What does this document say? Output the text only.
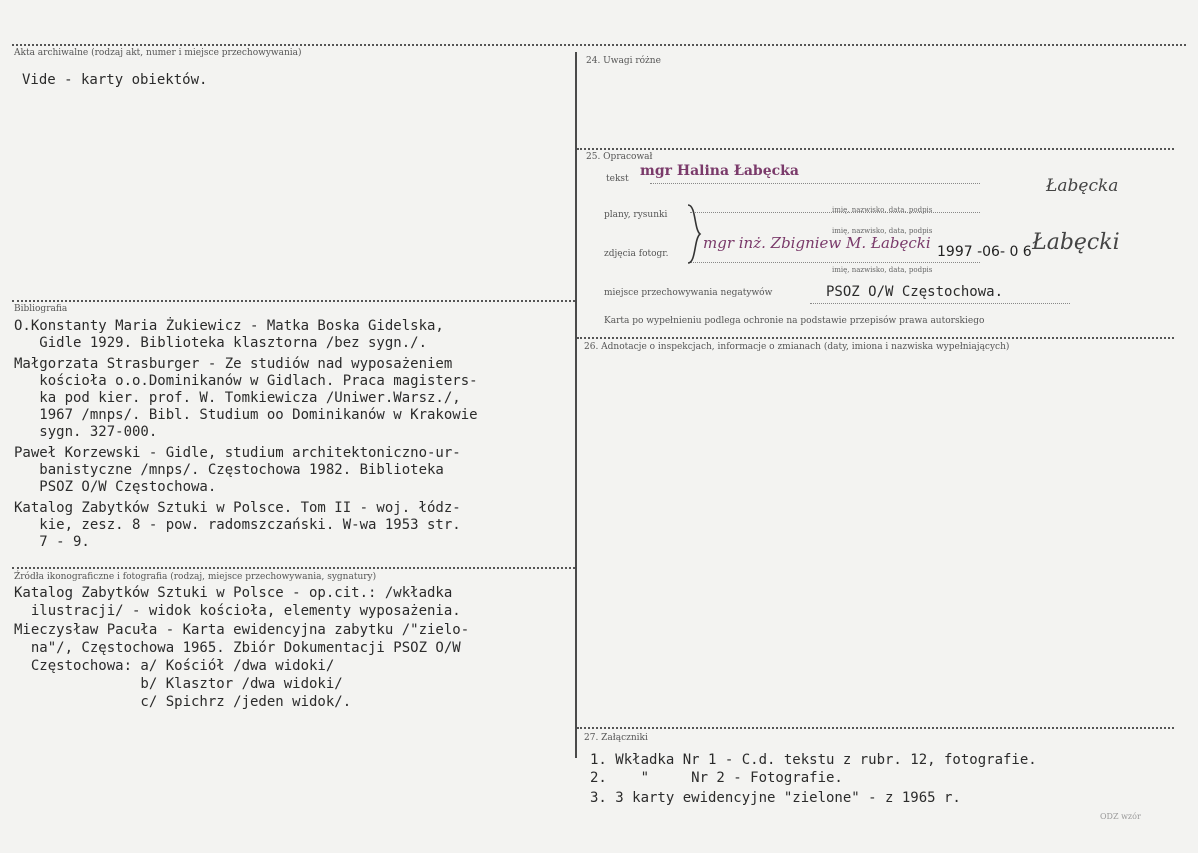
Akta archiwalne (rodzaj akt, numer i miejsce przechowywania)
Vide - karty obiektów.
Bibliografia
O.Konstanty Maria Żukiewicz - Matka Boska Gidelska,
Gidle 1929. Biblioteka klasztorna /bez sygn./.
Małgorzata Strasburger - Ze studiów nad wyposażeniem
kościoła o.o.Dominikanów w Gidlach. Praca magisters-
ka pod kier. prof. W. Tomkiewicza /Uniwer.Warsz./,
1967 /mnps/. Bibl. Studium oo Dominikanów w Krakowie
sygn. 327-000.
Paweł Korzewski - Gidle, studium architektoniczno-ur-
banistyczne /mnps/. Częstochowa 1982. Biblioteka
PSOZ O/W Częstochowa.
Katalog Zabytków Sztuki w Polsce. Tom II - woj. łódz-
kie, zesz. 8 - pow. radomszczański. W-wa 1953 str.
7 - 9.
Źródła ikonograficzne i fotografia (rodzaj, miejsce przechowywania, sygnatury)
Katalog Zabytków Sztuki w Polsce - op.cit.: /wkładka
ilustracji/ - widok kościoła, elementy wyposażenia.
Mieczysław Pacuła - Karta ewidencyjna zabytku /"zielo-
na"/, Częstochowa 1965. Zbiór Dokumentacji PSOZ O/W
Częstochowa: a/ Kościół /dwa widoki/
b/ Klasztor /dwa widoki/
c/ Spichrz /jeden widok/.
24. Uwagi różne
25. Opracował
tekst mgr Halina Łabęcka
Łabęcka
imię, nazwisko, data, podpis
plany, rysunki
imię, nazwisko, data, podpis
zdjęcia fotogr.
mgr inż. Zbigniew M. Łabęcki 1997 -06- 0 6 Łabęcki
imię, nazwisko, data, podpis
miejsce przechowywania negatywów	PSOZ O/W Częstochowa.
Karta po wypełnieniu podlega ochronie na podstawie przepisów prawa autorskiego
26. Adnotacje o inspekcjach, informacje o zmianach (daty, imiona i nazwiska wypełniających)
27. Załączniki
1. Wkładka Nr 1 - C.d. tekstu z rubr. 12, fotografie.
2.    "     Nr 2 - Fotografie.
3. 3 karty ewidencyjne "zielone" - z 1965 r.
ODZ wzór
